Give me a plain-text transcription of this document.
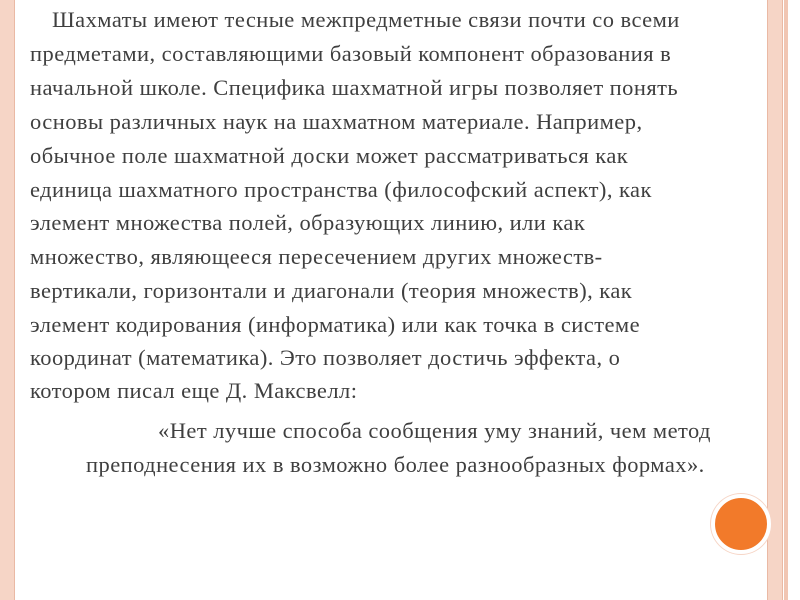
Шахматы имеют тесные межпредметные связи почти со всеми
предметами, составляющими базовый компонент образования в
начальной школе. Специфика шахматной игры позволяет понять
основы различных наук на шахматном материале. Например,
обычное поле шахматной доски может рассматриваться как
единица шахматного пространства (философский аспект), как
элемент множества полей, образующих линию, или как
множество, являющееся пересечением других множеств-
вертикали, горизонтали и диагонали (теория множеств), как
элемент кодирования (информатика) или как точка в системе
координат (математика). Это позволяет достичь эффекта, о
котором писал еще Д. Максвелл:
«Нет лучше способа сообщения уму знаний, чем метод
преподнесения их в возможно более разнообразных формах».
